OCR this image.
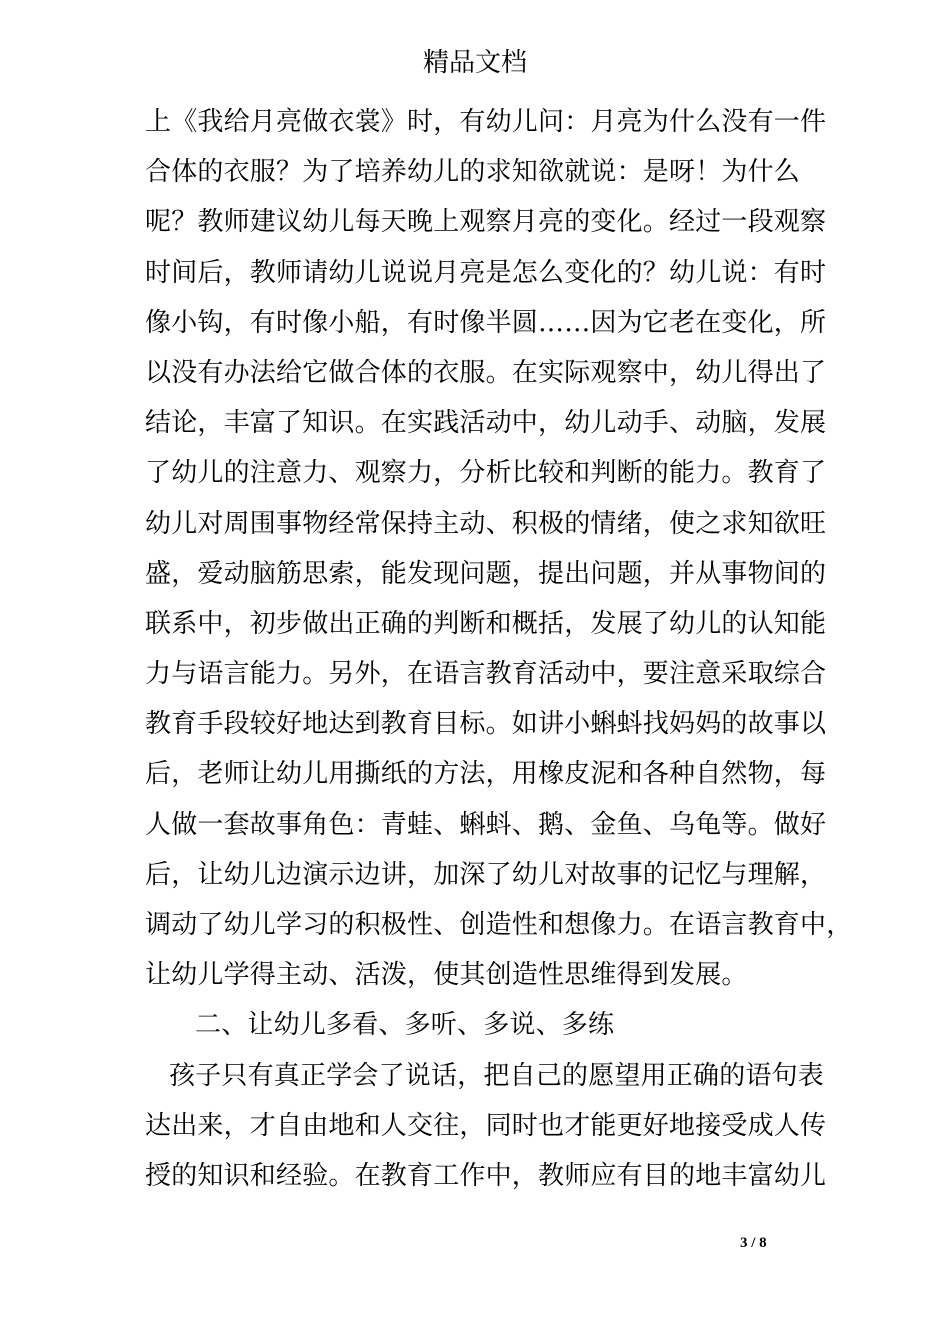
精品文档
上《我给月亮做衣裳》时，有幼儿问：月亮为什么没有一件
合体的衣服？为了培养幼儿的求知欲就说：是呀！为什么
呢？教师建议幼儿每天晚上观察月亮的变化。经过一段观察
时间后，教师请幼儿说说月亮是怎么变化的？幼儿说：有时
像小钩，有时像小船，有时像半圆……因为它老在变化，所
以没有办法给它做合体的衣服。在实际观察中，幼儿得出了
结论，丰富了知识。在实践活动中，幼儿动手、动脑，发展
了幼儿的注意力、观察力，分析比较和判断的能力。教育了
幼儿对周围事物经常保持主动、积极的情绪，使之求知欲旺
盛，爱动脑筋思索，能发现问题，提出问题，并从事物间的
联系中，初步做出正确的判断和概括，发展了幼儿的认知能
力与语言能力。另外，在语言教育活动中，要注意采取综合
教育手段较好地达到教育目标。如讲小蝌蚪找妈妈的故事以
后，老师让幼儿用撕纸的方法，用橡皮泥和各种自然物，每
人做一套故事角色：青蛙、蝌蚪、鹅、金鱼、乌龟等。做好
后，让幼儿边演示边讲，加深了幼儿对故事的记忆与理解，
调动了幼儿学习的积极性、创造性和想像力。在语言教育中，
让幼儿学得主动、活泼，使其创造性思维得到发展。
二、让幼儿多看、多听、多说、多练
孩子只有真正学会了说话，把自己的愿望用正确的语句表
达出来，才自由地和人交往，同时也才能更好地接受成人传
授的知识和经验。在教育工作中，教师应有目的地丰富幼儿
3 / 8
